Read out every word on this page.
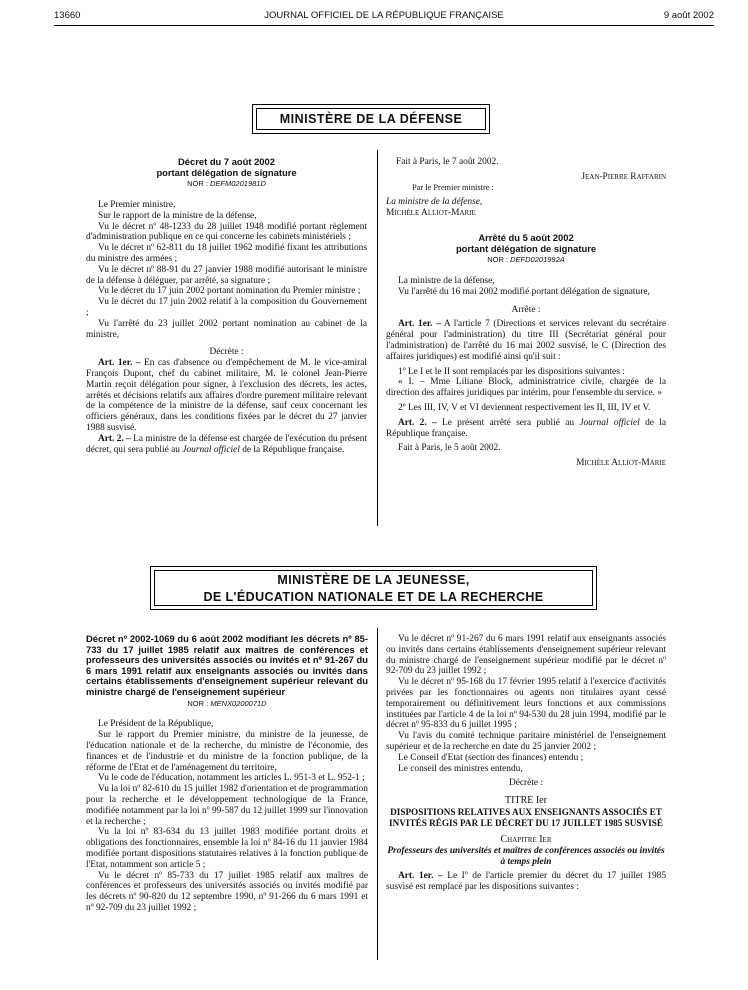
13660	JOURNAL OFFICIEL DE LA RÉPUBLIQUE FRANÇAISE	9 août 2002
MINISTÈRE DE LA DÉFENSE

Décret du 7 août 2002

portant délégation de signature

NOR : DEFM0201981D

Le Premier ministre,

Sur le rapport de la ministre de la défense,

Vu le décret nº 48-1233 du 28 juillet 1948 modifié portant règlement d'administration publique en ce qui concerne les cabinets ministériels ;

Vu le décret nº 62-811 du 18 juillet 1962 modifié fixant les attributions du ministre des armées ;

Vu le décret nº 88-91 du 27 janvier 1988 modifié autorisant le ministre de la défense à déléguer, par arrêté, sa signature ;

Vu le décret du 17 juin 2002 portant nomination du Premier ministre ;

Vu le décret du 17 juin 2002 relatif à la composition du Gouvernement ;

Vu l'arrêté du 23 juillet 2002 portant nomination au cabinet de la ministre,

Décrète :

Art. 1er. – En cas d'absence ou d'empêchement de M. le vice-amiral François Dupont, chef du cabinet militaire, M. le colonel Jean-Pierre Martin reçoit délégation pour signer, à l'exclusion des décrets, les actes, arrêtés et décisions relatifs aux affaires d'ordre purement militaire relevant de la compétence de la ministre de la défense, sauf ceux concernant les officiers généraux, dans les conditions fixées par le décret du 27 janvier 1988 susvisé.

Art. 2. – La ministre de la défense est chargée de l'exécution du présent décret, qui sera publié au Journal officiel de la République française.

Fait à Paris, le 7 août 2002.

Jean-Pierre Raffarin

Par le Premier ministre :

La ministre de la défense,

Michèle Alliot-Marie

Arrêté du 5 août 2002

portant délégation de signature

NOR : DEFD0201992A

La ministre de la défense,

Vu l'arrêté du 16 mai 2002 modifié portant délégation de signature,

Arrête :

Art. 1er. – A l'article 7 (Directions et services relevant du secrétaire général pour l'administration) du titre III (Secrétariat général pour l'administration) de l'arrêté du 16 mai 2002 susvisé, le C (Direction des affaires juridiques) est modifié ainsi qu'il suit :

1º Le I et le II sont remplacés par les dispositions suivantes :

« I. – Mme Liliane Block, administratrice civile, chargée de la direction des affaires juridiques par intérim, pour l'ensemble du service. »

2º Les III, IV, V et VI deviennent respectivement les II, III, IV et V.

Art. 2. – Le présent arrêté sera publié au Journal officiel de la République française.

Fait à Paris, le 5 août 2002.

Michèle Alliot-Marie

MINISTÈRE DE LA JEUNESSE,
DE L'ÉDUCATION NATIONALE ET DE LA RECHERCHE

Décret nº 2002-1069 du 6 août 2002 modifiant les décrets nº 85-733 du 17 juillet 1985 relatif aux maîtres de conférences et professeurs des universités associés ou invités et nº 91-267 du 6 mars 1991 relatif aux enseignants associés ou invités dans certains établissements d'enseignement supérieur relevant du ministre chargé de l'enseignement supérieur

NOR : MENX0200071D

Le Président de la République,

Sur le rapport du Premier ministre, du ministre de la jeunesse, de l'éducation nationale et de la recherche, du ministre de l'économie, des finances et de l'industrie et du ministre de la fonction publique, de la réforme de l'Etat et de l'aménagement du territoire,

Vu le code de l'éducation, notamment les articles L. 951-3 et L. 952-1 ;

Vu la loi nº 82-610 du 15 juillet 1982 d'orientation et de programmation pour la recherche et le développement technologique de la France, modifiée notamment par la loi nº 99-587 du 12 juillet 1999 sur l'innovation et la recherche ;

Vu la loi nº 83-634 du 13 juillet 1983 modifiée portant droits et obligations des fonctionnaires, ensemble la loi nº 84-16 du 11 janvier 1984 modifiée portant dispositions statutaires relatives à la fonction publique de l'Etat, notamment son article 5 ;

Vu le décret nº 85-733 du 17 juillet 1985 relatif aux maîtres de conférences et professeurs des universités associés ou invités modifié par les décrets nº 90-820 du 12 septembre 1990, nº 91-266 du 6 mars 1991 et nº 92-709 du 23 juillet 1992 ;

Vu le décret nº 91-267 du 6 mars 1991 relatif aux enseignants associés ou invités dans certains établissements d'enseignement supérieur relevant du ministre chargé de l'enseignement supérieur modifié par le décret nº 92-709 du 23 juillet 1992 ;

Vu le décret nº 95-168 du 17 février 1995 relatif à l'exercice d'activités privées par les fonctionnaires ou agents non titulaires ayant cessé temporairement ou définitivement leurs fonctions et aux commissions instituées par l'article 4 de la loi nº 94-530 du 28 juin 1994, modifié par le décret nº 95-833 du 6 juillet 1995 ;

Vu l'avis du comité technique paritaire ministériel de l'enseignement supérieur et de la recherche en date du 25 janvier 2002 ;

Le Conseil d'Etat (section des finances) entendu ;

Le conseil des ministres entendu,

Décrète :

TITRE Ier

DISPOSITIONS RELATIVES AUX ENSEIGNANTS ASSOCIÉS ET INVITÉS RÉGIS PAR LE DÉCRET DU 17 JUILLET 1985 SUSVISÉ

Chapitre Ier

Professeurs des universités et maîtres de conférences associés ou invités à temps plein

Art. 1er. – Le Iº de l'article premier du décret du 17 juillet 1985 susvisé est remplacé par les dispositions suivantes :
